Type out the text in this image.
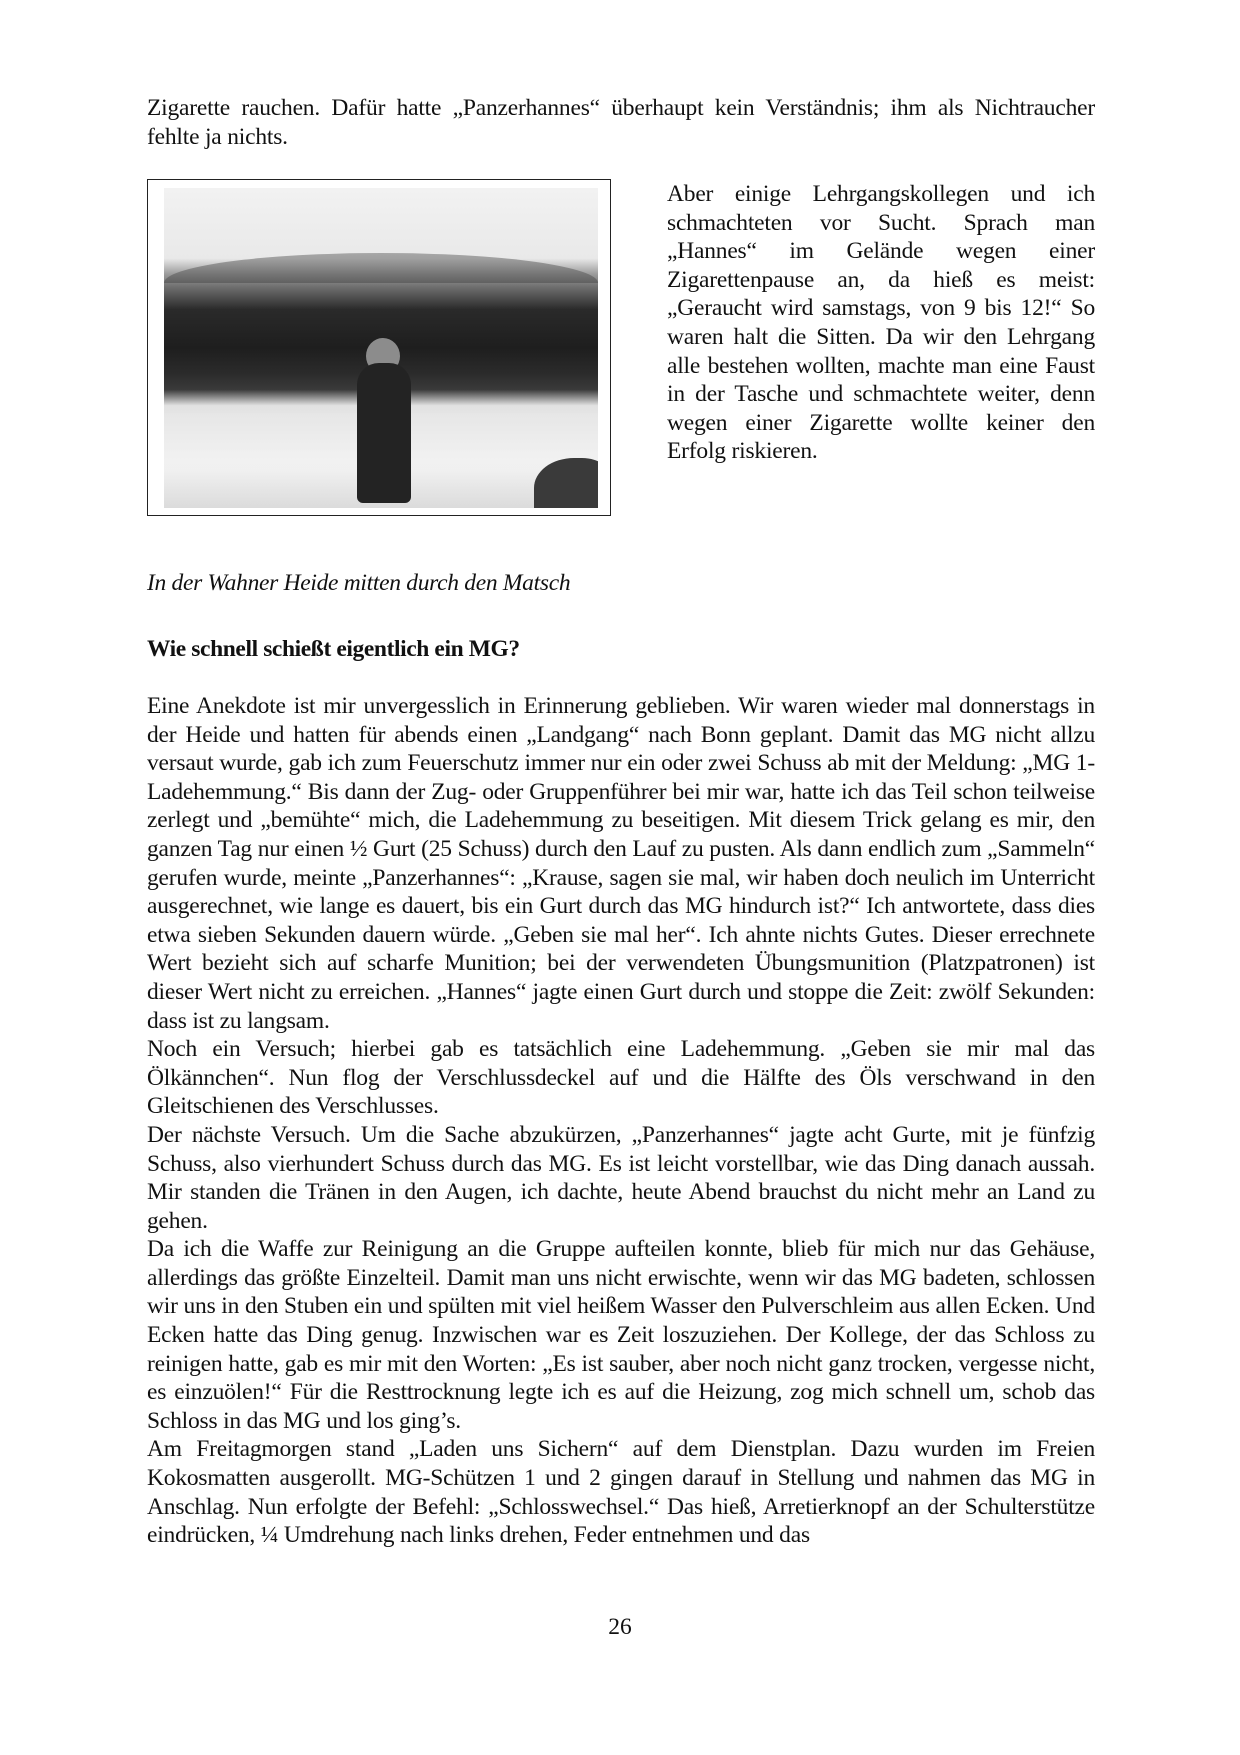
Zigarette rauchen. Dafür hatte „Panzerhannes“ überhaupt kein Verständnis; ihm als Nichtraucher fehlte ja nichts.

Aber einige Lehrgangskollegen und ich schmachteten vor Sucht. Sprach man „Hannes“ im Gelände wegen einer Zigarettenpause an, da hieß es meist: „Geraucht wird samstags, von 9 bis 12!“ So waren halt die Sitten. Da wir den Lehrgang alle bestehen wollten, machte man eine Faust in der Tasche und schmachtete weiter, denn wegen einer Zigarette wollte keiner den Erfolg riskieren.

In der Wahner Heide mitten durch den Matsch
Wie schnell schießt eigentlich ein MG?

Eine Anekdote ist mir unvergesslich in Erinnerung geblieben. Wir waren wieder mal donnerstags in der Heide und hatten für abends einen „Landgang“ nach Bonn geplant. Damit das MG nicht allzu versaut wurde, gab ich zum Feuerschutz immer nur ein oder zwei Schuss ab mit der Meldung: „MG 1- Ladehemmung.“ Bis dann der Zug- oder Gruppenführer bei mir war, hatte ich das Teil schon teilweise zerlegt und „bemühte“ mich, die Ladehemmung zu beseitigen. Mit diesem Trick gelang es mir, den ganzen Tag nur einen ½ Gurt (25 Schuss) durch den Lauf zu pusten. Als dann endlich zum „Sammeln“ gerufen wurde, meinte „Panzerhannes“: „Krause, sagen sie mal, wir haben doch neulich im Unterricht ausgerechnet, wie lange es dauert, bis ein Gurt durch das MG hindurch ist?“ Ich antwortete, dass dies etwa sieben Sekunden dauern würde. „Geben sie mal her“. Ich ahnte nichts Gutes. Dieser errechnete Wert bezieht sich auf scharfe Munition; bei der verwendeten Übungsmunition (Platzpatronen) ist dieser Wert nicht zu erreichen. „Hannes“ jagte einen Gurt durch und stoppe die Zeit: zwölf Sekunden: dass ist zu langsam.

Noch ein Versuch; hierbei gab es tatsächlich eine Ladehemmung. „Geben sie mir mal das Ölkännchen“. Nun flog der Verschlussdeckel auf und die Hälfte des Öls verschwand in den Gleitschienen des Verschlusses.

Der nächste Versuch. Um die Sache abzukürzen, „Panzerhannes“ jagte acht Gurte, mit je fünfzig Schuss, also vierhundert Schuss durch das MG. Es ist leicht vorstellbar, wie das Ding danach aussah. Mir standen die Tränen in den Augen, ich dachte, heute Abend brauchst du nicht mehr an Land zu gehen.

Da ich die Waffe zur Reinigung an die Gruppe aufteilen konnte, blieb für mich nur das Gehäuse, allerdings das größte Einzelteil. Damit man uns nicht erwischte, wenn wir das MG badeten, schlossen wir uns in den Stuben ein und spülten mit viel heißem Wasser den Pulverschleim aus allen Ecken. Und Ecken hatte das Ding genug. Inzwischen war es Zeit loszuziehen. Der Kollege, der das Schloss zu reinigen hatte, gab es mir mit den Worten: „Es ist sauber, aber noch nicht ganz trocken, vergesse nicht, es einzuölen!“ Für die Resttrocknung legte ich es auf die Heizung, zog mich schnell um, schob das Schloss in das MG und los ging’s.

Am Freitagmorgen stand „Laden uns Sichern“ auf dem Dienstplan. Dazu wurden im Freien Kokosmatten ausgerollt. MG-Schützen 1 und 2 gingen darauf in Stellung und nahmen das MG in Anschlag. Nun erfolgte der Befehl: „Schlosswechsel.“ Das hieß, Arretierknopf an der Schulterstütze eindrücken, ¼ Umdrehung nach links drehen, Feder entnehmen und das

26
